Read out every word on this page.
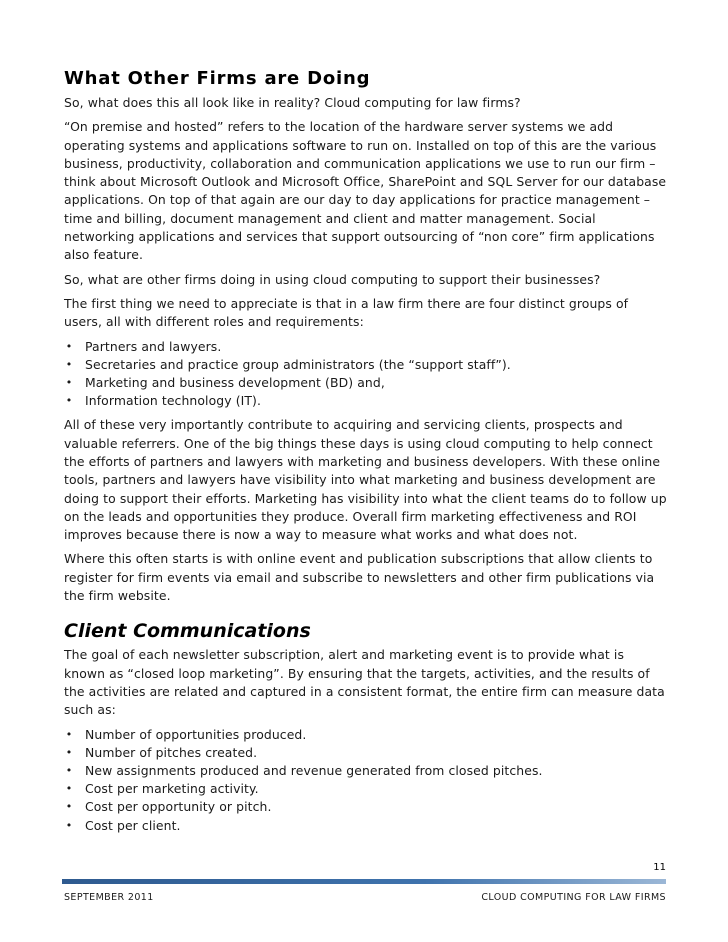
What Other Firms are Doing

So, what does this all look like in reality? Cloud computing for law firms?

“On premise and hosted” refers to the location of the hardware server systems we add operating systems and applications software to run on. Installed on top of this are the various business, productivity, collaboration and communication applications we use to run our firm – think about Microsoft Outlook and Microsoft Office, SharePoint and SQL Server for our database applications. On top of that again are our day to day applications for practice management – time and billing, document management and client and matter management. Social networking applications and services that support outsourcing of “non core” firm applications also feature.

So, what are other firms doing in using cloud computing to support their businesses?

The first thing we need to appreciate is that in a law firm there are four distinct groups of users, all with different roles and requirements:

• Partners and lawyers.
• Secretaries and practice group administrators (the “support staff”).
• Marketing and business development (BD) and,
• Information technology (IT).

All of these very importantly contribute to acquiring and servicing clients, prospects and valuable referrers. One of the big things these days is using cloud computing to help connect the efforts of partners and lawyers with marketing and business developers. With these online tools, partners and lawyers have visibility into what marketing and business development are doing to support their efforts. Marketing has visibility into what the client teams do to follow up on the leads and opportunities they produce. Overall firm marketing effectiveness and ROI improves because there is now a way to measure what works and what does not.

Where this often starts is with online event and publication subscriptions that allow clients to register for firm events via email and subscribe to newsletters and other firm publications via the firm website.

Client Communications

The goal of each newsletter subscription, alert and marketing event is to provide what is known as “closed loop marketing”. By ensuring that the targets, activities, and the results of the activities are related and captured in a consistent format, the entire firm can measure data such as:

• Number of opportunities produced.
• Number of pitches created.
• New assignments produced and revenue generated from closed pitches.
• Cost per marketing activity.
• Cost per opportunity or pitch.
• Cost per client.
11
SEPTEMBER 2011	CLOUD COMPUTING FOR LAW FIRMS
